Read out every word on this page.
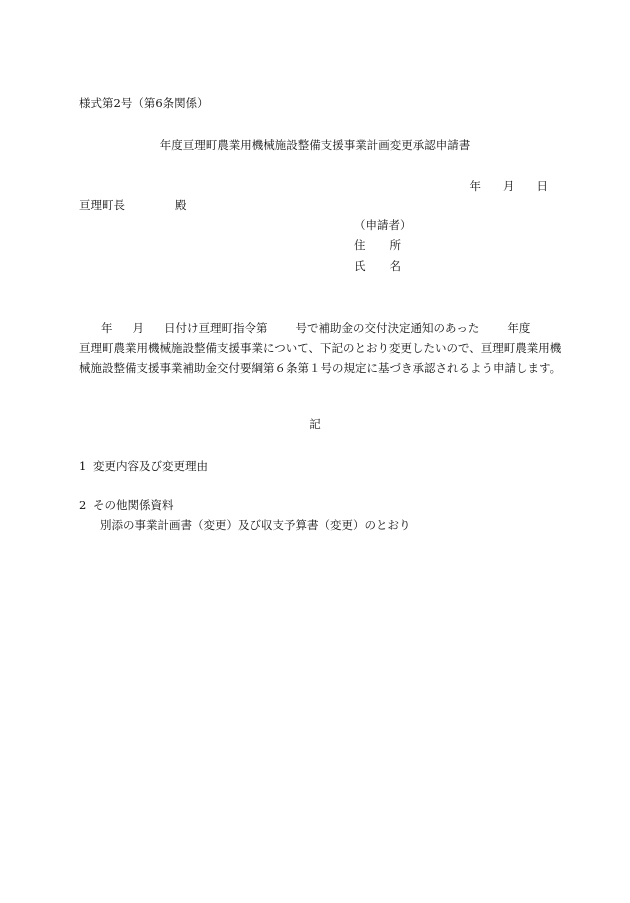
様式第2号（第6条関係）
年度亘理町農業用機械施設整備支援事業計画変更承認申請書
年 月 日
亘理町長	殿
（申請者）
住 所
氏 名
年 月 日付け亘理町指令第 号で補助金の交付決定通知のあった 年度
亘理町農業用機械施設整備支援事業について、下記のとおり変更したいので、亘理町農業用機
械施設整備支援事業補助金交付要綱第６条第１号の規定に基づき承認されるよう申請します。
記
1 変更内容及び変更理由
2 その他関係資料
別添の事業計画書（変更）及び収支予算書（変更）のとおり
